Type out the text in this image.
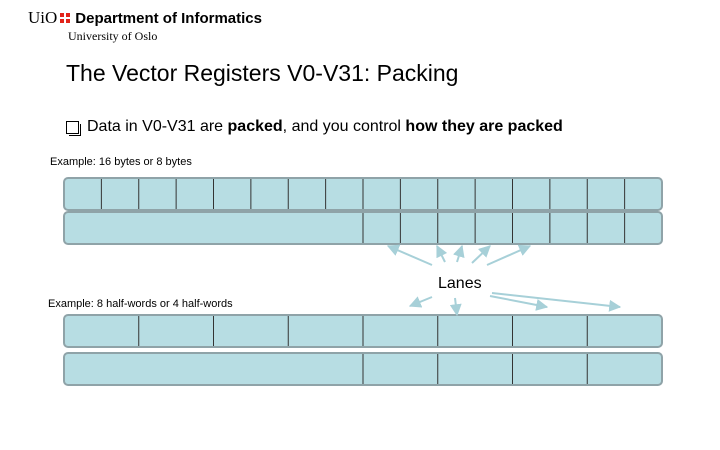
UiO Department of Informatics
University of Oslo
The Vector Registers V0-V31: Packing
Data in V0-V31 are packed , and you control how they are packed
Example: 16 bytes or 8 bytes
Example: 8 half-words or 4 half-words
Lanes
